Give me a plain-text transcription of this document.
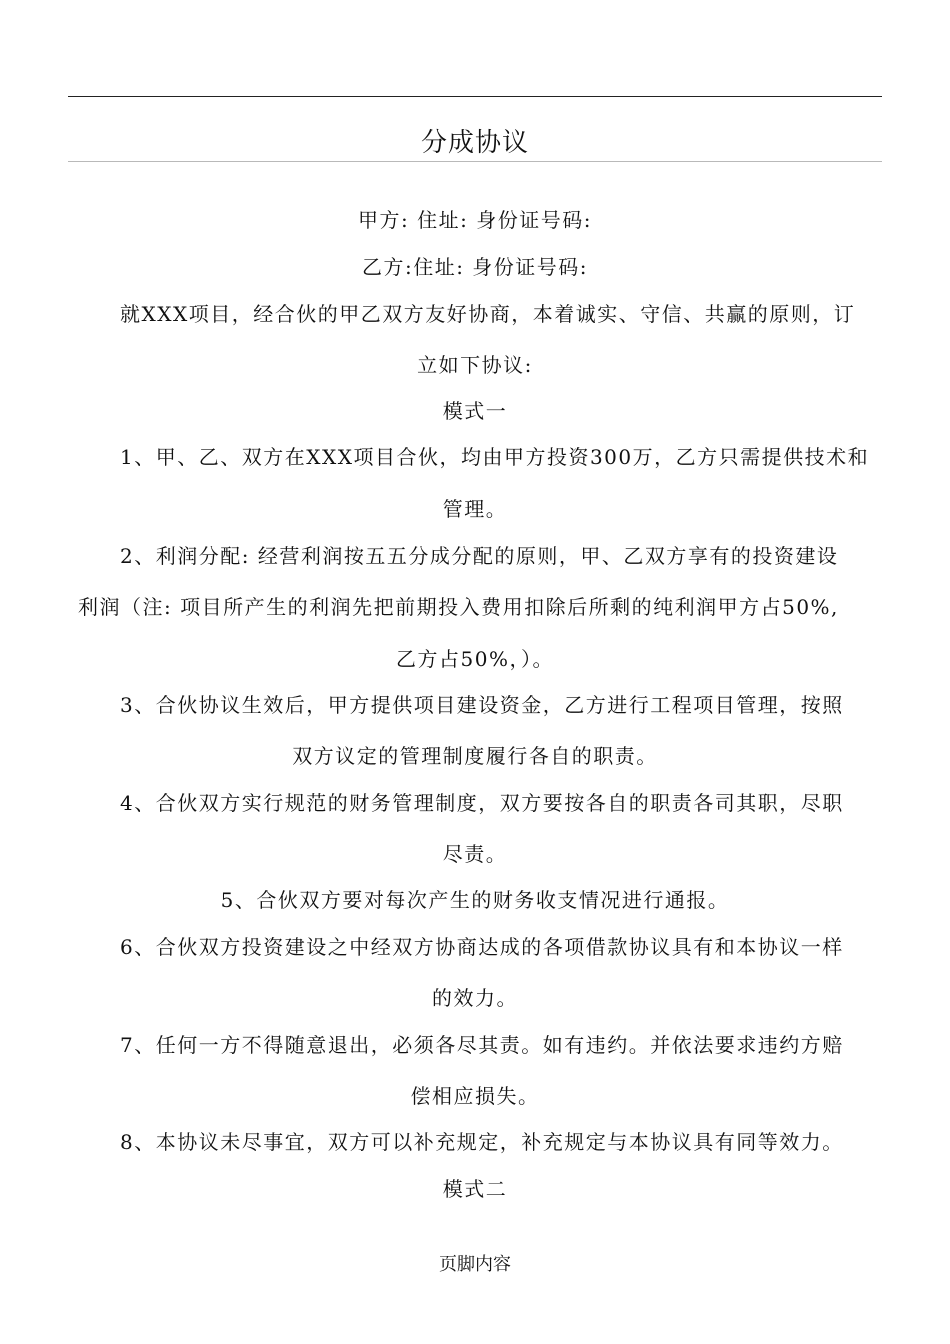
分成协议
甲方: 住址: 身份证号码:
乙方:住址: 身份证号码:
就XXX项目，经合伙的甲乙双方友好协商，本着诚实、守信、共赢的原则，订
立如下协议:
模式一
1、甲、乙、双方在XXX项目合伙，均由甲方投资300万，乙方只需提供技术和
管理。
2、利润分配: 经营利润按五五分成分配的原则，甲、乙双方享有的投资建设
利润（注: 项目所产生的利润先把前期投入费用扣除后所剩的纯利润甲方占50%,
乙方占50%，）。
3、合伙协议生效后，甲方提供项目建设资金，乙方进行工程项目管理，按照
双方议定的管理制度履行各自的职责。
4、合伙双方实行规范的财务管理制度，双方要按各自的职责各司其职，尽职
尽责。
5、合伙双方要对每次产生的财务收支情况进行通报。
6、合伙双方投资建设之中经双方协商达成的各项借款协议具有和本协议一样
的效力。
7、任何一方不得随意退出，必须各尽其责。如有违约。并依法要求违约方赔
偿相应损失。
8、本协议未尽事宜，双方可以补充规定，补充规定与本协议具有同等效力。
模式二
页脚内容
